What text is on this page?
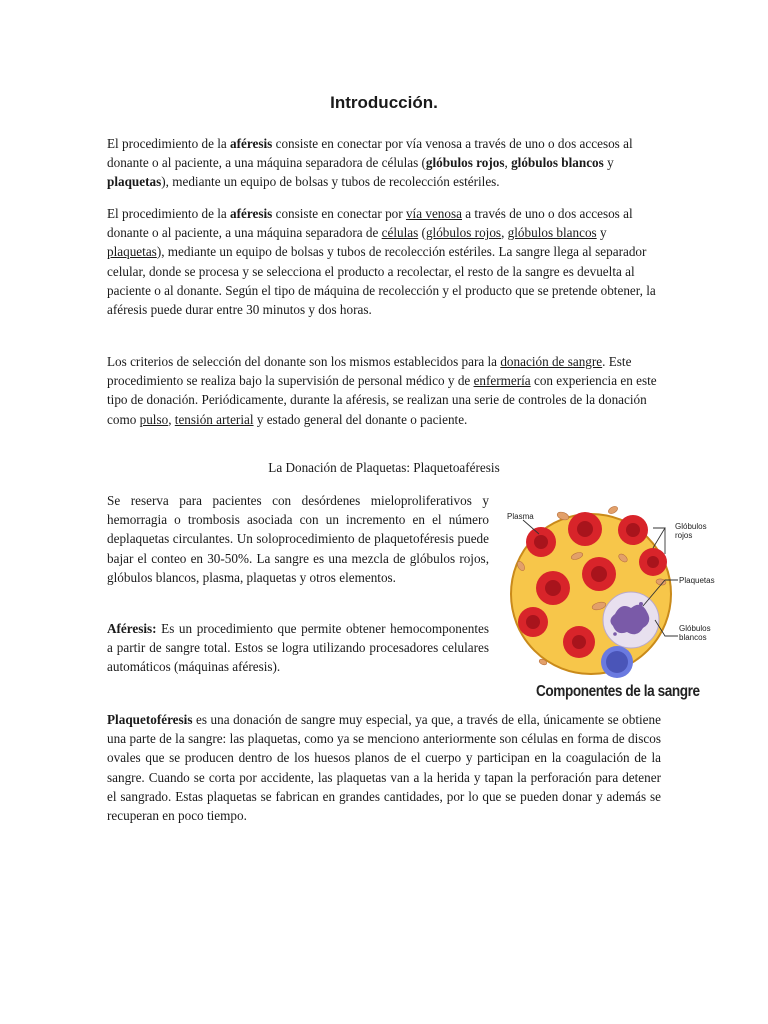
Introducción.

El procedimiento de la aféresis consiste en conectar por vía venosa a través de uno o dos accesos al donante o al paciente, a una máquina separadora de células (glóbulos rojos, glóbulos blancos y plaquetas), mediante un equipo de bolsas y tubos de recolección estériles.

El procedimiento de la aféresis consiste en conectar por vía venosa a través de uno o dos accesos al donante o al paciente, a una máquina separadora de células (glóbulos rojos, glóbulos blancos y plaquetas), mediante un equipo de bolsas y tubos de recolección estériles. La sangre llega al separador celular, donde se procesa y se selecciona el producto a recolectar, el resto de la sangre es devuelta al paciente o al donante. Según el tipo de máquina de recolección y el producto que se pretende obtener, la aféresis puede durar entre 30 minutos y dos horas.

Los criterios de selección del donante son los mismos establecidos para la donación de sangre. Este procedimiento se realiza bajo la supervisión de personal médico y de enfermería con experiencia en este tipo de donación. Periódicamente, durante la aféresis, se realizan una serie de controles de la donación como pulso, tensión arterial y estado general del donante o paciente.

La Donación de Plaquetas: Plaquetoaféresis

Se reserva para pacientes con desórdenes mieloproliferativos y hemorragia o trombosis asociada con un incremento en el número deplaquetas circulantes. Un soloprocedimiento de plaquetoféresis puede bajar el conteo en 30-50%. La sangre es una mezcla de glóbulos rojos, glóbulos blancos, plasma, plaquetas y otros elementos.

Aféresis: Es un procedimiento que permite obtener hemocomponentes a partir de sangre total. Estos se logra utilizando procesadores celulares automáticos (máquinas aféresis).

Plaquetoféresis es una donación de sangre muy especial, ya que, a través de ella, únicamente se obtiene una parte de la sangre: las plaquetas, como ya se menciono anteriormente son células en forma de discos ovales que se producen dentro de los huesos planos de el cuerpo y participan en la coagulación de la sangre. Cuando se corta por accidente, las plaquetas van a la herida y tapan la perforación para detener el sangrado. Estas plaquetas se fabrican en grandes cantidades, por lo que se pueden donar y además se recuperan en poco tiempo.

Plasma
Glóbulos
rojos
Plaquetas
Glóbulos
blancos
Componentes de la sangre
